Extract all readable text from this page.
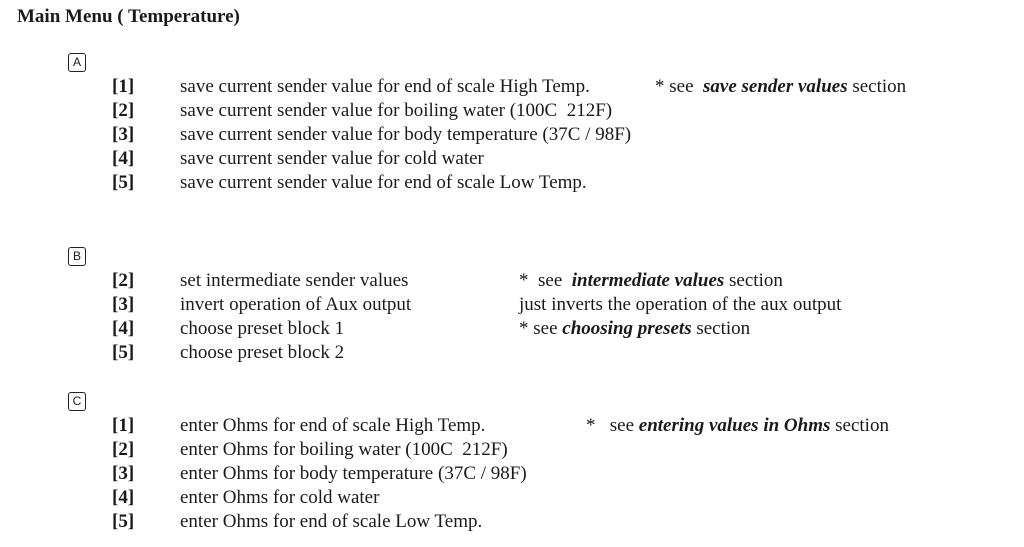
Main Menu ( Temperature)
A
[1] save current sender value for end of scale High Temp.	* see  save sender values section
[2] save current sender value for boiling water (100C  212F)
[3] save current sender value for body temperature (37C / 98F)
[4] save current sender value for cold water
[5] save current sender value for end of scale Low Temp.
B
[2] set intermediate sender values	*  see  intermediate values section
[3] invert operation of Aux output	just inverts the operation of the aux output
[4] choose preset block 1	* see choosing presets section
[5] choose preset block 2
C
[1] enter Ohms for end of scale High Temp.	*   see entering values in Ohms section
[2] enter Ohms for boiling water (100C  212F)
[3] enter Ohms for body temperature (37C / 98F)
[4] enter Ohms for cold water
[5] enter Ohms for end of scale Low Temp.
